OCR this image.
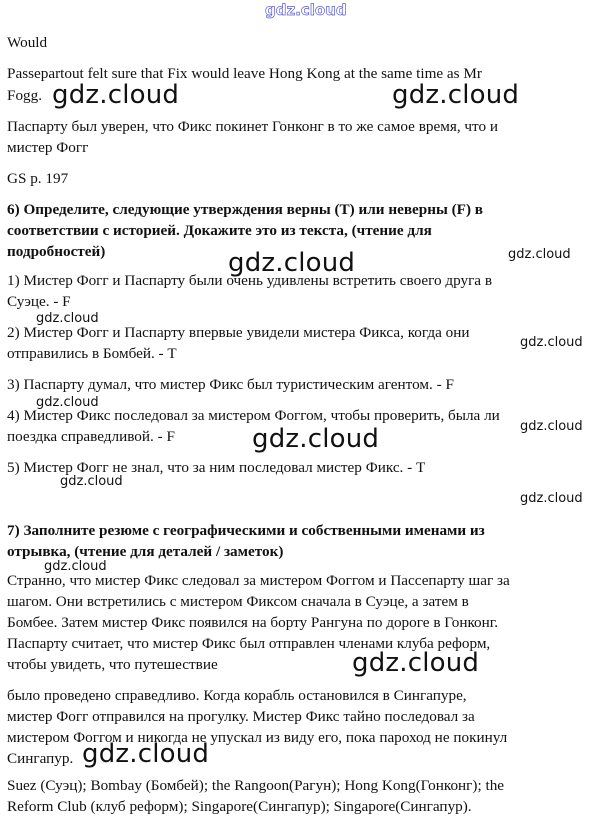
gdz.cloud
gdz.cloud	gdz.cloud
gdz.cloud
gdz.cloud
gdz.cloud
gdz.cloud
gdz.cloud
gdz.cloud
gdz.cloud
gdz.cloud
gdz.cloud
gdz.cloud
gdz.cloud
gdz.cloud
Would
Passepartout felt sure that Fix would leave Hong Kong at the same time as Mr
Fogg.
Паспарту был уверен, что Фикс покинет Гонконг в то же самое время, что и
мистер Фогг
GS p. 197
6) Определите, следующие утверждения верны (T) или неверны (F) в
соответствии с историей. Докажите это из текста, (чтение для
подробностей)
1) Мистер Фогг и Паспарту были очень удивлены встретить своего друга в
Суэце. - F
2) Мистер Фогг и Паспарту впервые увидели мистера Фикса, когда они
отправились в Бомбей. - T
3) Паспарту думал, что мистер Фикс был туристическим агентом. - F
4) Мистер Фикс последовал за мистером Фоггом, чтобы проверить, была ли
поездка справедливой. - F
5) Мистер Фогг не знал, что за ним последовал мистер Фикс. - T
7) Заполните резюме с географическими и собственными именами из
отрывка, (чтение для деталей / заметок)
Странно, что мистер Фикс следовал за мистером Фоггом и Пассепарту шаг за
шагом. Они встретились с мистером Фиксом сначала в Суэце, а затем в
Бомбее. Затем мистер Фикс появился на борту Рангуна по дороге в Гонконг.
Паспарту считает, что мистер Фикс был отправлен членами клуба реформ,
чтобы увидеть, что путешествие
было проведено справедливо. Когда корабль остановился в Сингапуре,
мистер Фогг отправился на прогулку. Мистер Фикс тайно последовал за
мистером Фоггом и никогда не упускал из виду его, пока пароход не покинул
Сингапур.
Suez (Суэц); Bombay (Бомбей); the Rangoon(Рагун); Hong Kong(Гонконг); the
Reform Club (клуб реформ); Singapore(Сингапур); Singapore(Сингапур).
